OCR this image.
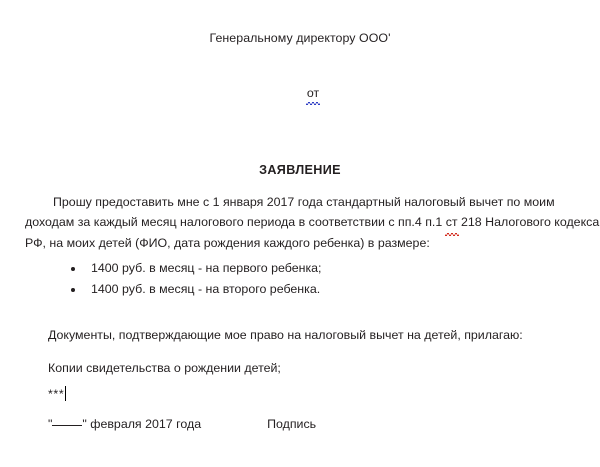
Генеральному директору ООО'
от
ЗАЯВЛЕНИЕ
Прошу предоставить мне с 1 января 2017 года стандартный налоговый вычет по моим
доходам за каждый месяц налогового периода в соответствии с пп.4 п.1 ст 218 Налогового кодекса
РФ, на моих детей (ФИО, дата рождения каждого ребенка) в размере:
1400 руб. в месяц - на первого ребенка;
1400 руб. в месяц - на второго ребенка.
Документы, подтверждающие мое право на налоговый вычет на детей, прилагаю:
Копии свидетельства о рождении детей;
***
" " февраля 2017 года	Подпись
